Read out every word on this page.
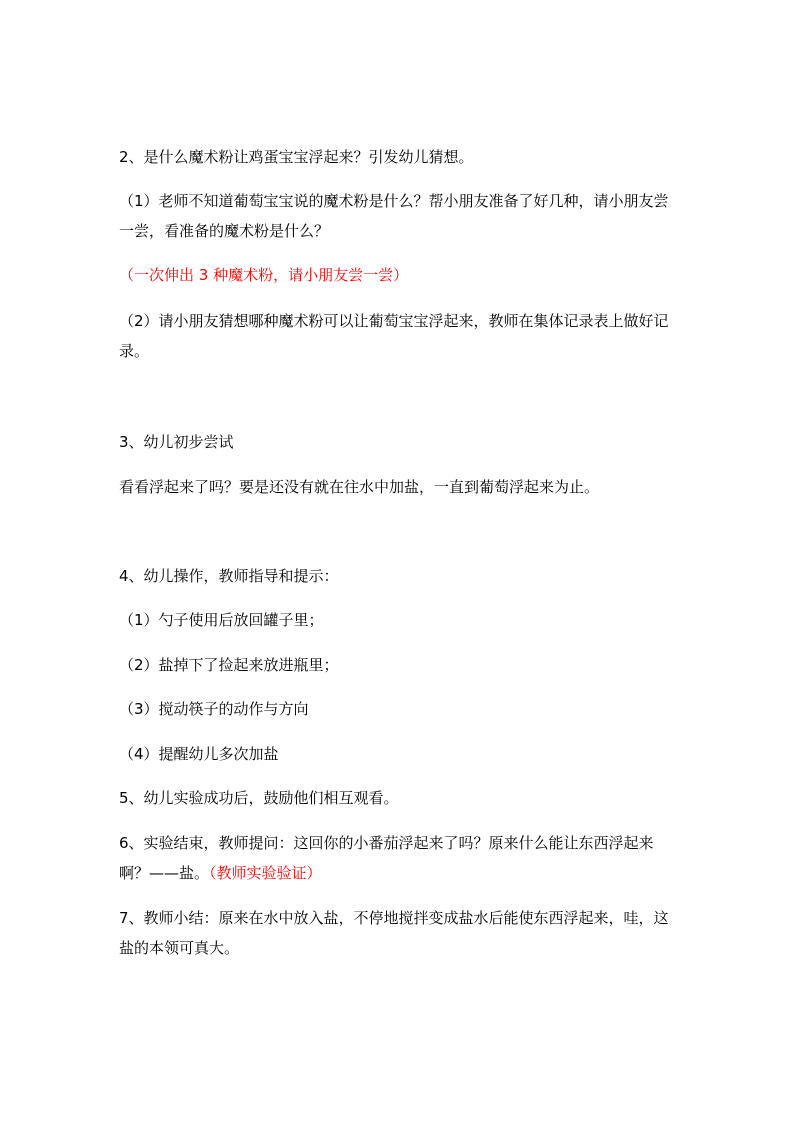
2、是什么魔术粉让鸡蛋宝宝浮起来？引发幼儿猜想。
（1）老师不知道葡萄宝宝说的魔术粉是什么？帮小朋友准备了好几种，请小朋友尝一尝，看准备的魔术粉是什么？
（一次伸出 3 种魔术粉，请小朋友尝一尝）
（2）请小朋友猜想哪种魔术粉可以让葡萄宝宝浮起来，教师在集体记录表上做好记录。
3、幼儿初步尝试
看看浮起来了吗？要是还没有就在往水中加盐，一直到葡萄浮起来为止。
4、幼儿操作，教师指导和提示：
（1）勺子使用后放回罐子里；
（2）盐掉下了捡起来放进瓶里；
（3）搅动筷子的动作与方向
（4）提醒幼儿多次加盐
5、幼儿实验成功后，鼓励他们相互观看。
6、实验结束，教师提问：这回你的小番茄浮起来了吗？原来什么能让东西浮起来啊？——盐。（教师实验验证）
7、教师小结：原来在水中放入盐，不停地搅拌变成盐水后能使东西浮起来，哇，这盐的本领可真大。
